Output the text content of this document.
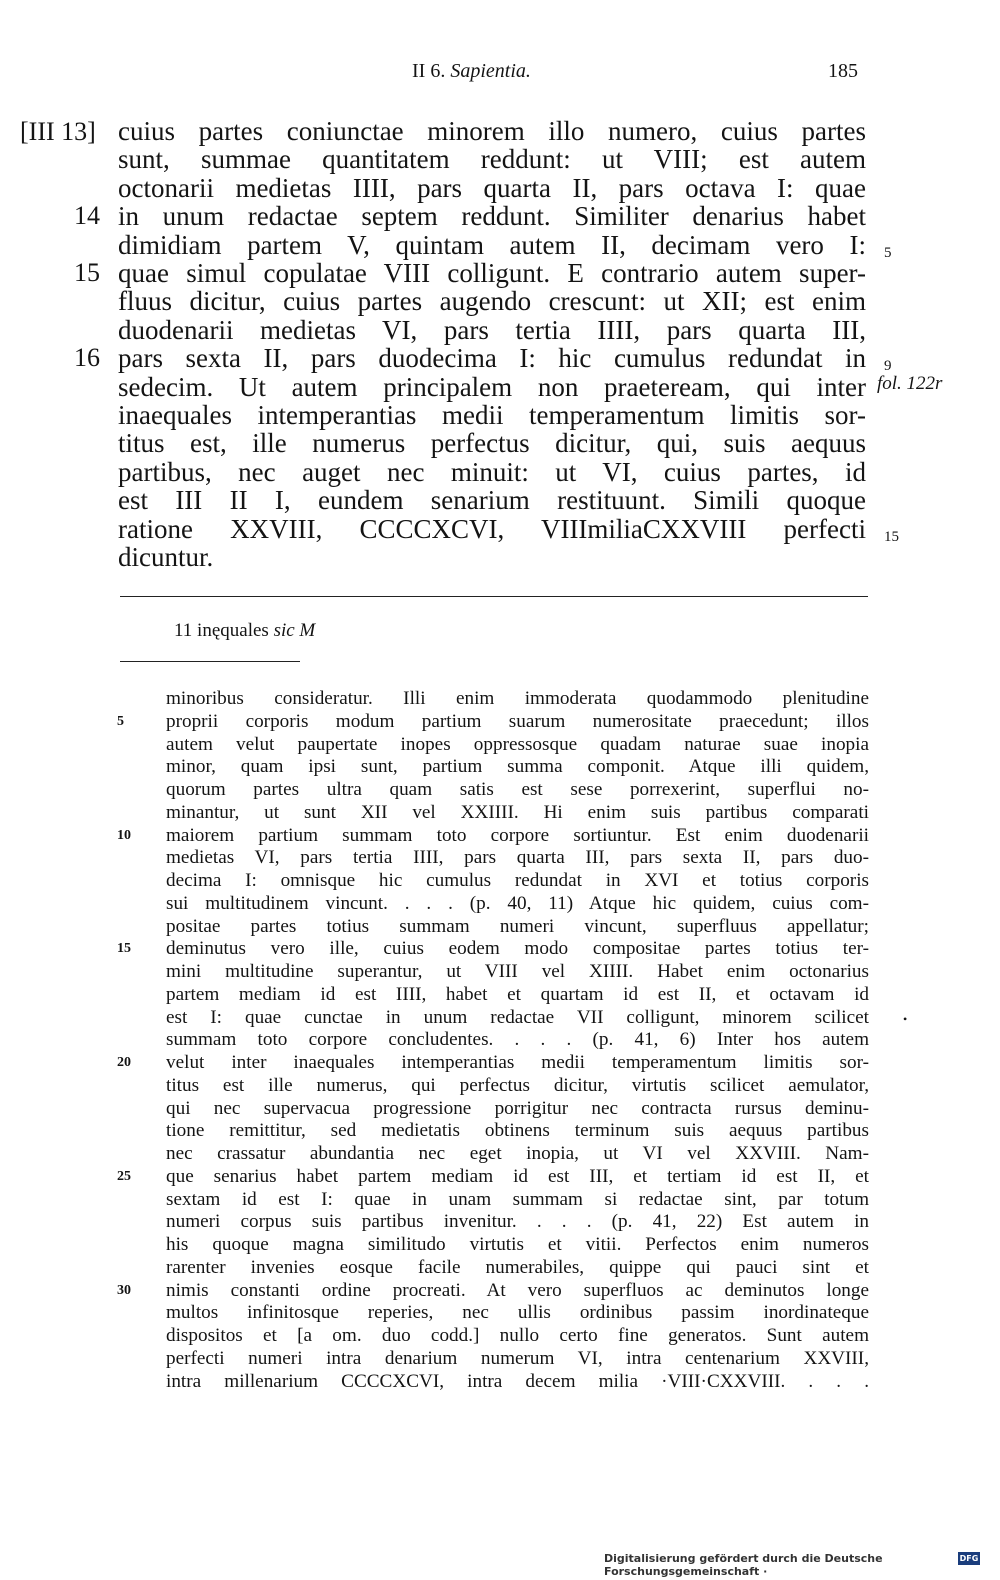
II 6. Sapientia.	185
[III 13] cuius partes coniunctae minorem illo numero, cuius partes
sunt, summae quantitatem reddunt: ut VIII; est autem
octonarii medietas IIII, pars quarta II, pars octava I: quae
in unum redactae septem reddunt. Similiter denarius habet
14
dimidiam partem V, quintam autem II, decimam vero I: 5
quae simul copulatae VIII colligunt. E contrario autem super-
15
fluus dicitur, cuius partes augendo crescunt: ut XII; est enim
duodenarii medietas VI, pars tertia IIII, pars quarta III,
pars sexta II, pars duodecima I: hic cumulus redundat in
16	9
sedecim. Ut autem principalem non praeteream, qui inter
inaequales intemperantias medii temperamentum limitis sor-
titus est, ille numerus perfectus dicitur, qui, suis aequus
partibus, nec auget nec minuit: ut VI, cuius partes, id
est III II I, eundem senarium restituunt. Simili quoque
ratione XXVIII, CCCCXCVI, VIIImiliaCXXVIII perfecti 15
dicuntur.
fol. 122r
11 inęquales sic M
minoribus consideratur. Illi enim immoderata quodammodo plenitudine
proprii corporis modum partium suarum numerositate praecedunt; illos
5
autem velut paupertate inopes oppressosque quadam naturae suae inopia
minor, quam ipsi sunt, partium summa componit. Atque illi quidem,
quorum partes ultra quam satis est sese porrexerint, superflui no-
minantur, ut sunt XII vel XXIIII. Hi enim suis partibus comparati
maiorem partium summam toto corpore sortiuntur. Est enim duodenarii
10
medietas VI, pars tertia IIII, pars quarta III, pars sexta II, pars duo-
decima I: omnisque hic cumulus redundat in XVI et totius corporis
sui multitudinem vincunt. . . . (p. 40, 11) Atque hic quidem, cuius com-
positae partes totius summam numeri vincunt, superfluus appellatur;
deminutus vero ille, cuius eodem modo compositae partes totius ter-
15
mini multitudine superantur, ut VIII vel XIIII. Habet enim octonarius
partem mediam id est IIII, habet et quartam id est II, et octavam id
est I: quae cunctae in unum redactae VII colligunt, minorem scilicet
summam toto corpore concludentes. . . . (p. 41, 6) Inter hos autem
velut inter inaequales intemperantias medii temperamentum limitis sor-
20
titus est ille numerus, qui perfectus dicitur, virtutis scilicet aemulator,
qui nec supervacua progressione porrigitur nec contracta rursus deminu-
tione remittitur, sed medietatis obtinens terminum suis aequus partibus
nec crassatur abundantia nec eget inopia, ut VI vel XXVIII. Nam-
que senarius habet partem mediam id est III, et tertiam id est II, et
25
sextam id est I: quae in unam summam si redactae sint, par totum
numeri corpus suis partibus invenitur. . . . (p. 41, 22) Est autem in
his quoque magna similitudo virtutis et vitii. Perfectos enim numeros
rarenter invenies eosque facile numerabiles, quippe qui pauci sint et
nimis constanti ordine procreati. At vero superfluos ac deminutos longe
30
multos infinitosque reperies, nec ullis ordinibus passim inordinateque
dispositos et [a om. duo codd.] nullo certo fine generatos. Sunt autem
perfecti numeri intra denarium numerum VI, intra centenarium XXVIII,
intra millenarium CCCCXCVI, intra decem milia ·VIII·CXXVIII. . . .
•
Digitalisierung gefördert durch die Deutsche Forschungsgemeinschaft ·
DFG
